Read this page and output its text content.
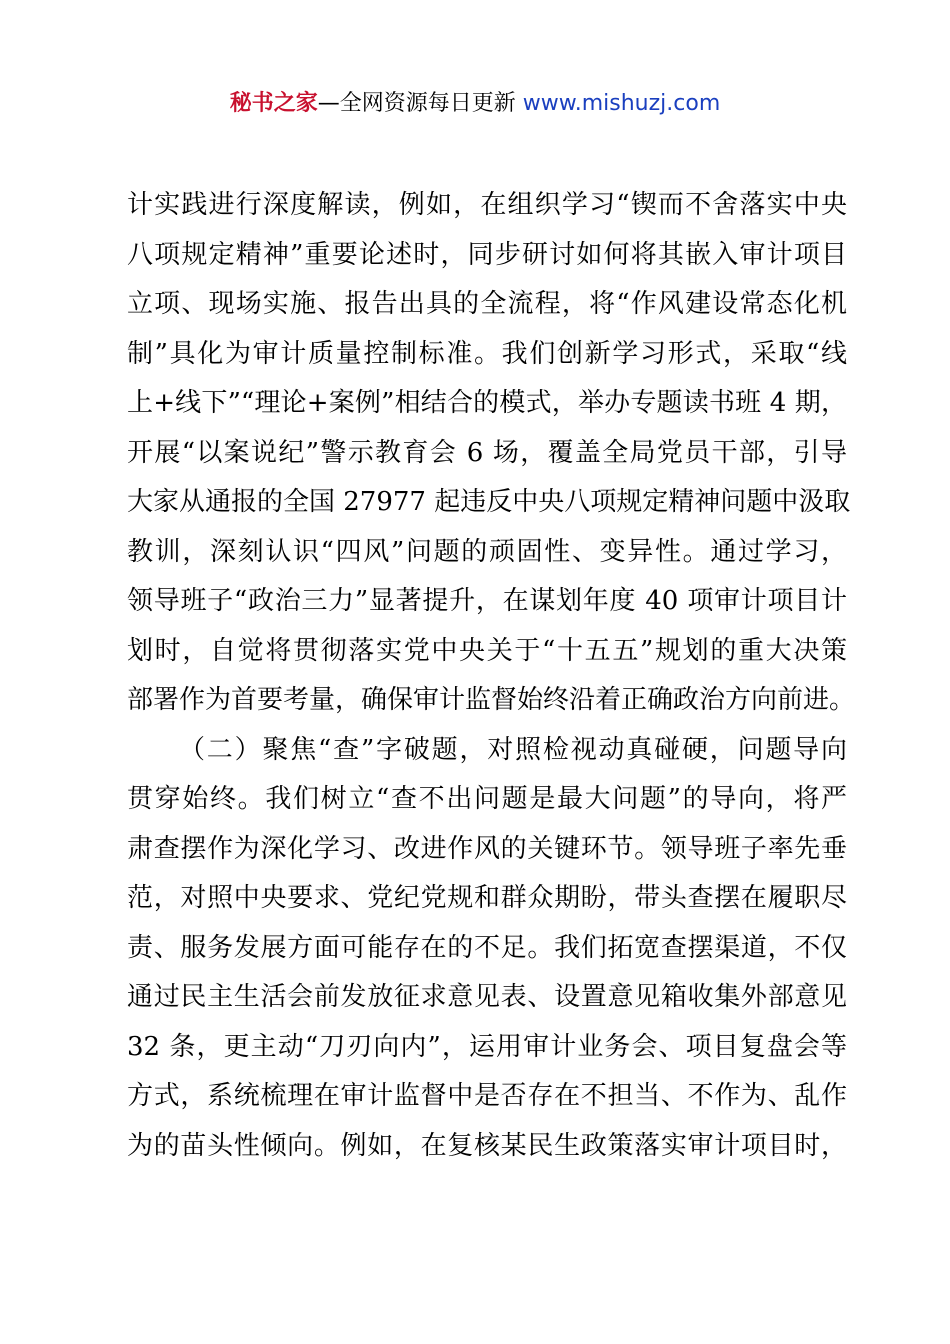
秘书之家—全网资源每日更新 www.mishuzj.com
计实践进行深度解读，例如，在组织学习“锲而不舍落实中央
八项规定精神”重要论述时，同步研讨如何将其嵌入审计项目
立项、现场实施、报告出具的全流程，将“作风建设常态化机
制”具化为审计质量控制标准。我们创新学习形式，采取“线
上+线下”“理论+案例”相结合的模式，举办专题读书班 4 期，
开展“以案说纪”警示教育会 6 场，覆盖全局党员干部，引导
大家从通报的全国 27977 起违反中央八项规定精神问题中汲取
教训，深刻认识“四风”问题的顽固性、变异性。通过学习，
领导班子“政治三力”显著提升，在谋划年度 40 项审计项目计
划时，自觉将贯彻落实党中央关于“十五五”规划的重大决策
部署作为首要考量，确保审计监督始终沿着正确政治方向前进。
（二）聚焦“查”字破题，对照检视动真碰硬，问题导向
贯穿始终。我们树立“查不出问题是最大问题”的导向，将严
肃查摆作为深化学习、改进作风的关键环节。领导班子率先垂
范，对照中央要求、党纪党规和群众期盼，带头查摆在履职尽
责、服务发展方面可能存在的不足。我们拓宽查摆渠道，不仅
通过民主生活会前发放征求意见表、设置意见箱收集外部意见
32 条，更主动“刀刃向内”，运用审计业务会、项目复盘会等
方式，系统梳理在审计监督中是否存在不担当、不作为、乱作
为的苗头性倾向。例如，在复核某民生政策落实审计项目时，
